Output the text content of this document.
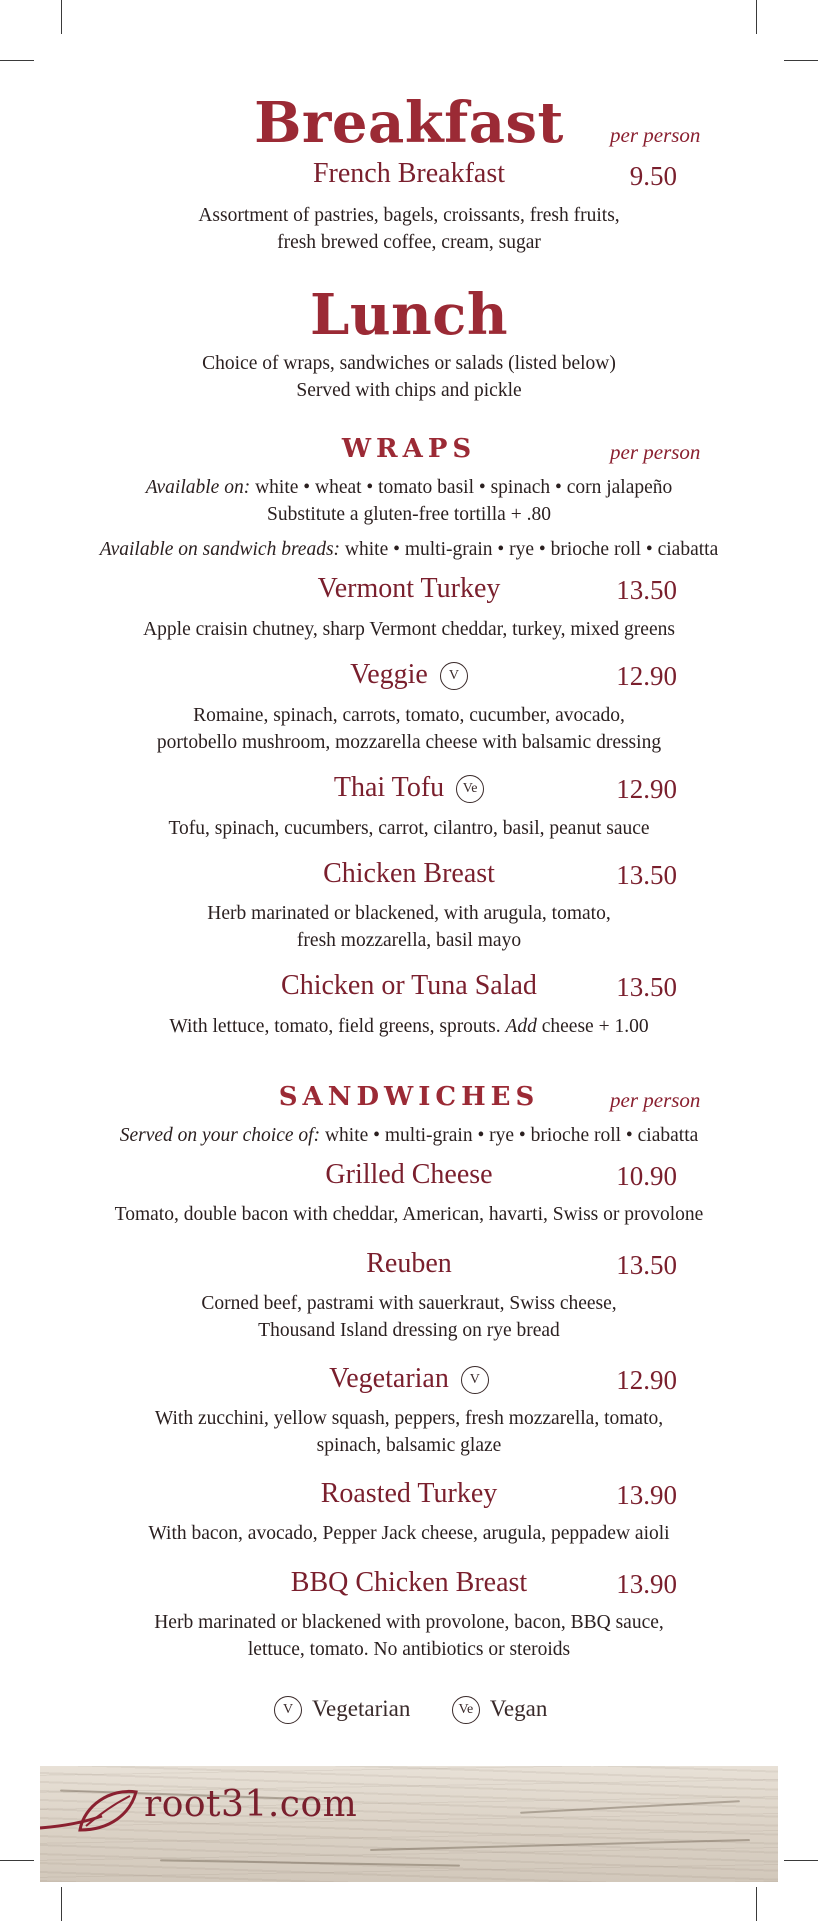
Breakfast	per person
French Breakfast	9.50
Assortment of pastries, bagels, croissants, fresh fruits,
fresh brewed coffee, cream, sugar
Lunch
Choice of wraps, sandwiches or salads (listed below)
Served with chips and pickle
WRAPS	per person
Available on: white • wheat • tomato basil • spinach • corn jalapeño
Substitute a gluten-free tortilla + .80
Available on sandwich breads: white • multi-grain • rye • brioche roll • ciabatta
Vermont Turkey	13.50
Apple craisin chutney, sharp Vermont cheddar, turkey, mixed greens
Veggie V	12.90
Romaine, spinach, carrots, tomato, cucumber, avocado,
portobello mushroom, mozzarella cheese with balsamic dressing
Thai Tofu Ve	12.90
Tofu, spinach, cucumbers, carrot, cilantro, basil, peanut sauce
Chicken Breast	13.50
Herb marinated or blackened, with arugula, tomato,
fresh mozzarella, basil mayo
Chicken or Tuna Salad	13.50
With lettuce, tomato, field greens, sprouts. Add cheese + 1.00
SANDWICHES	per person
Served on your choice of: white • multi-grain • rye • brioche roll • ciabatta
Grilled Cheese	10.90
Tomato, double bacon with cheddar, American, havarti, Swiss or provolone
Reuben	13.50
Corned beef, pastrami with sauerkraut, Swiss cheese,
Thousand Island dressing on rye bread
Vegetarian V	12.90
With zucchini, yellow squash, peppers, fresh mozzarella, tomato,
spinach, balsamic glaze
Roasted Turkey	13.90
With bacon, avocado, Pepper Jack cheese, arugula, peppadew aioli
BBQ Chicken Breast	13.90
Herb marinated or blackened with provolone, bacon, BBQ sauce,
lettuce, tomato. No antibiotics or steroids
V Vegetarian	Ve Vegan
root31.com
